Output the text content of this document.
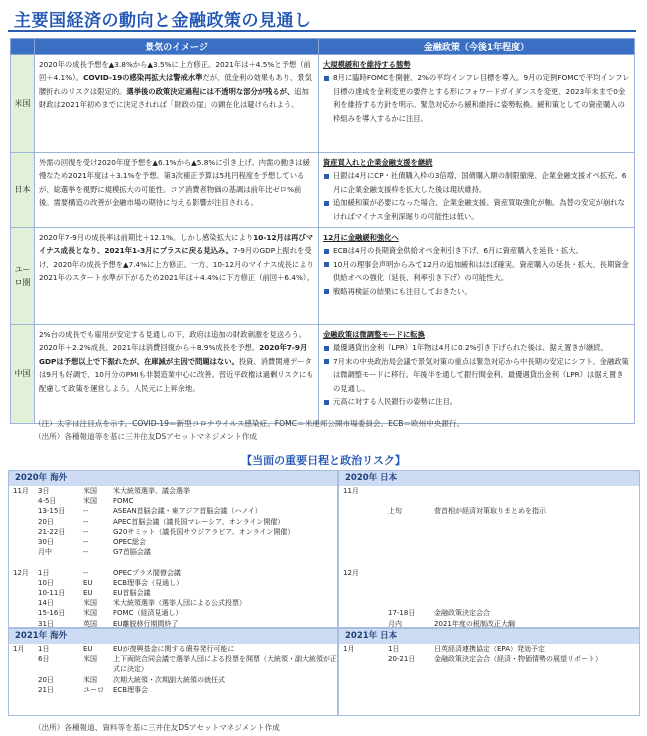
主要国経済の動向と金融政策の見通し
	景気のイメージ	金融政策（今後1年程度）
米国	2020年の成長予想を▲3.8%から▲3.5%に上方修正。2021年は＋4.5%と予想（前回＋4.1%）。COVID-19の感染再拡大は警戒水準だが、低金利の効果もあり、景気腰折れのリスクは限定的。選挙後の政策決定過程には不透明な部分が残るが、追加財政は2021年初めまでに決定されれば「財政の崖」の顕在化は避けられよう。	大規模緩和を維持する態勢
8月に臨時FOMCを開催、2%の平均インフレ目標を導入。9月の定例FOMCで平均インフレ目標の達成を金利変更の要件とする形にフォワードガイダンスを変更、2023年末まで0金利を維持する方針を明示。緊急対応から緩和維持に姿勢転換。緩和策としての資産購入の枠組みを導入するかに注目。

日本	外需の回復を受け2020年度予想を▲6.1%から▲5.8%に引き上げ。内需の動きは緩慢なため2021年度は＋3.1%を予想。第3次補正予算は5兆円程度を予想している が、総選挙を視野に規模拡大の可能性。コア消費者物価の基調は前年比ゼロ%前後。需要構造の改善が金融市場の期待に与える影響が注目される。	資産買入れと企業金融支援を継続
日銀は4月にCP・社債購入枠の3倍増、国債購入額の制限撤廃、企業金融支援オペ拡充。6月に企業金融支援枠を拡大した後は現状維持。
追加緩和策が必要になった場合、企業金融支援、資産買取強化が軸。為替の安定が崩れなければマイナス金利深堀りの可能性は低い。

ユーロ圏	2020年7-9月の成長率は前期比＋12.1%。しかし感染拡大により10-12月は再びマイナス成長となり、2021年1-3月にプラスに戻る見込み。7-9月のGDP上振れを受け、2020年の成長予想を▲7.4%に上方修正。一方、10-12月のマイナス成長により2021年のスタート水準が下がるため2021年は＋4.4%に下方修正（前回＋6.4%）。	12月に金融緩和強化へ
ECBは4月の長期資金供給オペ金利引き下げ、6月に資産購入を延長・拡大。
10月の理事会声明からみて12月の追加緩和はほぼ確実。資産購入の延長・拡大、長期資金供給オペの強化（延長、利率引き下げ）の可能性大。
戦略再検証の結果にも注目しておきたい。

中国	2%台の成長でも雇用が安定する見通しの下、政府は追加の財政刺激を見送ろう。2020年＋2.2%成長、2021年は消費回復から＋8.9%成長を予想。2020年7-9月GDPは予想以上で下振れたが、在庫減が主因で問題はない。投資、消費関連データは9月も好調で、10月分のPMIも非製造業中心に改善。習近平政権は過剰リスクにも配慮して政策を運営しよう。人民元に上昇余地。	金融政策は微調整モードに転換
最優遇貸出金利（LPR）1年物は4月に0.2%引き下げられた後は、据え置きが継続。
7月末の中央政治局会議で景気対策の重点は緊急対応から中長期の安定にシフト、金融政策は微調整モードに移行。年後半を通して銀行間金利、最優遇貸出金利（LPR）は据え置きの見通し。
元高に対する人民銀行の姿勢に注目。
（注）太字は注目点を示す。COVID-19＝新型コロナウイルス感染症。FOMC＝米連邦公開市場委員会。ECB＝欧州中央銀行。
（出所）各種報道等を基に三井住友DSアセットマネジメント作成
【当面の重要日程と政治リスク】
2020年 海外
11月	3日	米国	米大統領選挙、議会選挙

4-5日	米国	FOMC

13-15日	--	ASEAN首脳会議・東アジア首脳会議（ハノイ）

20日	--	APEC首脳会議（議長国マレーシア、オンライン開催）

21-22日	--	G20サミット（議長国サウジアラビア、オンライン開催）

30日	--	OPEC総会

月中	--	G7首脳会議

12月	1日	--	OPECプラス閣僚会議

10日	EU	ECB理事会（見通し）

10-11日	EU	EU首脳会議

14日	米国	米大統領選挙（選挙人団による公式投票）

15-16日	米国	FOMC（経済見通し）

31日	英国	EU離脱移行期間終了

2020年 日本
11月

上旬	菅首相が経済対策取りまとめを指示

12月

17-18日	金融政策決定会合

月内	2021年度の税制改正大綱

2021年 海外
1月	1日	EU	EUが復興基金に関する債券発行可能に

6日	米国	上下両院合同会議で選挙人団による投票を開票（大統領・副大統領が正式に決定）

20日	米国	次期大統領・次期副大統領の就任式

21日	ユーロ	ECB理事会
2021年 日本
1月	1日	日英経済連携協定（EPA）発効予定

20-21日	金融政策決定会合（経済・物価情勢の展望リポート）
（出所）各種報道、資料等を基に三井住友DSアセットマネジメント作成
